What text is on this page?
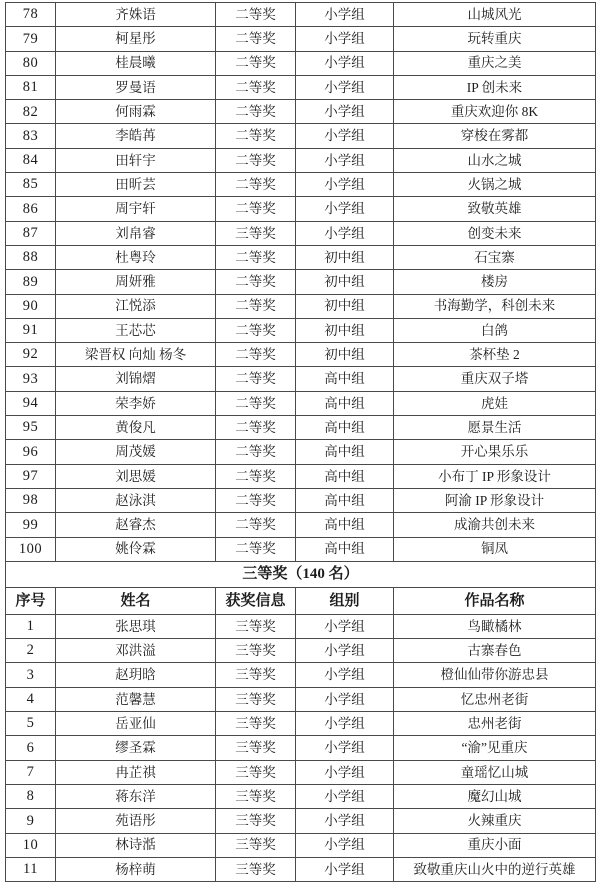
78	齐姝语	二等奖	小学组	山城风光
79	柯星彤	二等奖	小学组	玩转重庆
80	桂晨曦	二等奖	小学组	重庆之美
81	罗曼语	二等奖	小学组	IP 创未来
82	何雨霖	二等奖	小学组	重庆欢迎你 8K
83	李皓苒	二等奖	小学组	穿梭在雾都
84	田轩宇	二等奖	小学组	山水之城
85	田昕芸	二等奖	小学组	火锅之城
86	周宇轩	二等奖	小学组	致敬英雄
87	刘帛睿	三等奖	小学组	创变未来
88	杜粤玲	二等奖	初中组	石宝寨
89	周妍雅	二等奖	初中组	楼房
90	江悦添	二等奖	初中组	书海勤学，科创未来
91	王芯芯	二等奖	初中组	白鸽
92	梁晋权 向灿 杨冬	二等奖	初中组	茶杯垫 2
93	刘锦熠	二等奖	高中组	重庆双子塔
94	荣李娇	二等奖	高中组	虎娃
95	黄俊凡	二等奖	高中组	愿景生活
96	周茂媛	二等奖	高中组	开心果乐乐
97	刘思媛	二等奖	高中组	小布丁 IP 形象设计
98	赵泳淇	二等奖	高中组	阿渝 IP 形象设计
99	赵睿杰	二等奖	高中组	成渝共创未来
100	姚伶霖	二等奖	高中组	铜凤
三等奖（140 名）				
序号	姓名	获奖信息	组别	作品名称
1	张思琪	三等奖	小学组	鸟瞰橘林
2	邓洪溢	三等奖	小学组	古寨春色
3	赵玥晗	三等奖	小学组	橙仙仙带你游忠县
4	范馨慧	三等奖	小学组	忆忠州老街
5	岳亚仙	三等奖	小学组	忠州老街
6	缪圣霖	三等奖	小学组	“渝”见重庆
7	冉芷祺	三等奖	小学组	童瑶忆山城
8	蒋东洋	三等奖	小学组	魔幻山城
9	苑语彤	三等奖	小学组	火辣重庆
10	林诗湉	三等奖	小学组	重庆小面
11	杨梓萌	三等奖	小学组	致敬重庆山火中的逆行英雄
